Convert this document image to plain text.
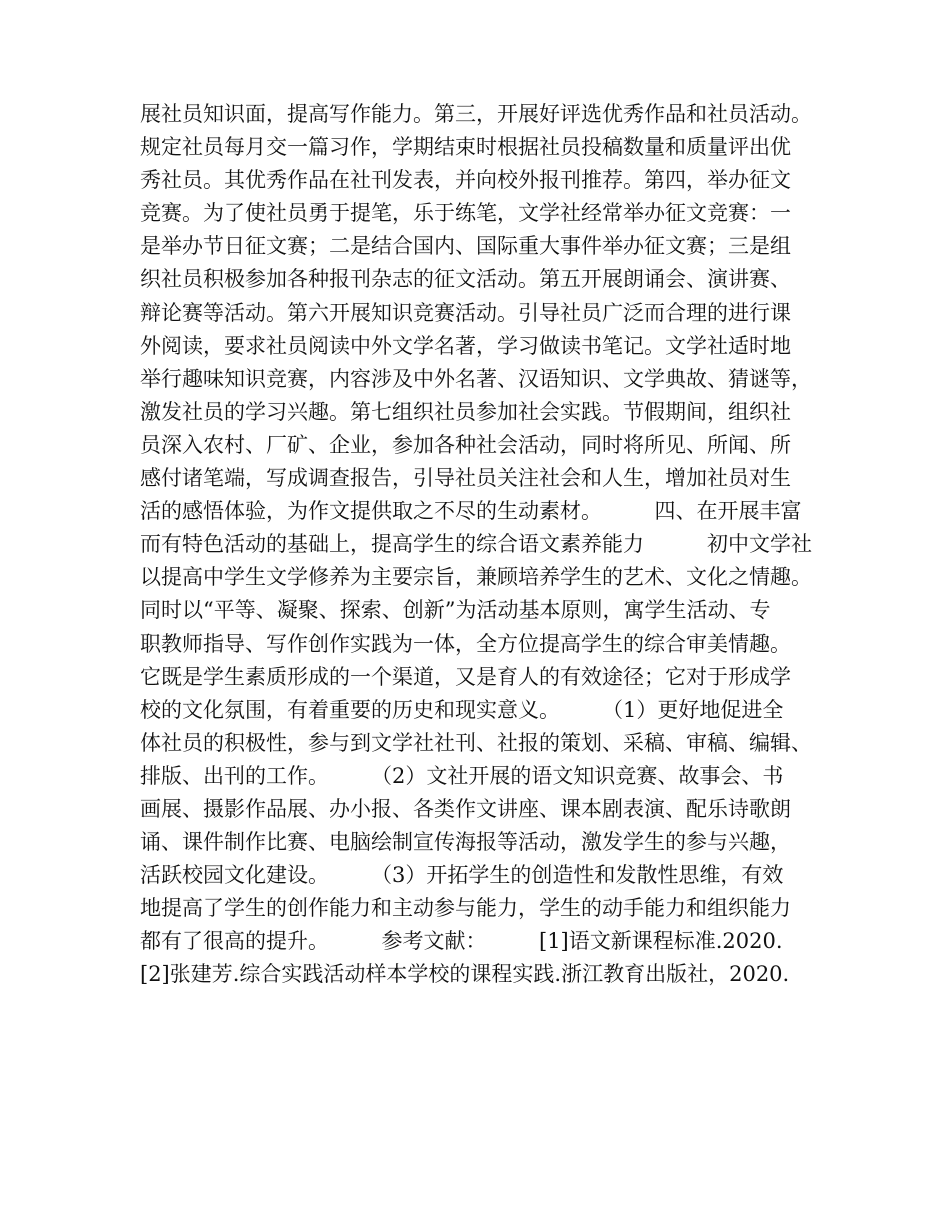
展社员知识面，提高写作能力。第三，开展好评选优秀作品和社员活动。
规定社员每月交一篇习作，学期结束时根据社员投稿数量和质量评出优
秀社员。其优秀作品在社刊发表，并向校外报刊推荐。第四，举办征文
竞赛。为了使社员勇于提笔，乐于练笔，文学社经常举办征文竞赛：一
是举办节日征文赛；二是结合国内、国际重大事件举办征文赛；三是组
织社员积极参加各种报刊杂志的征文活动。第五开展朗诵会、演讲赛、
辩论赛等活动。第六开展知识竞赛活动。引导社员广泛而合理的进行课
外阅读，要求社员阅读中外文学名著，学习做读书笔记。文学社适时地
举行趣味知识竞赛，内容涉及中外名著、汉语知识、文学典故、猜谜等，
激发社员的学习兴趣。第七组织社员参加社会实践。节假期间，组织社
员深入农村、厂矿、企业，参加各种社会活动，同时将所见、所闻、所
感付诸笔端，写成调查报告，引导社员关注社会和人生，增加社员对生
活的感悟体验，为作文提供取之不尽的生动素材。　　　四、在开展丰富
而有特色活动的基础上，提高学生的综合语文素养能力　　　初中文学社
以提高中学生文学修养为主要宗旨，兼顾培养学生的艺术、文化之情趣。
同时以“平等、凝聚、探索、创新”为活动基本原则，寓学生活动、专
职教师指导、写作创作实践为一体，全方位提高学生的综合审美情趣。
它既是学生素质形成的一个渠道，又是育人的有效途径；它对于形成学
校的文化氛围，有着重要的历史和现实意义。　　　（1）更好地促进全
体社员的积极性，参与到文学社社刊、社报的策划、采稿、审稿、编辑、
排版、出刊的工作。　　　（2）文社开展的语文知识竞赛、故事会、书
画展、摄影作品展、办小报、各类作文讲座、课本剧表演、配乐诗歌朗
诵、课件制作比赛、电脑绘制宣传海报等活动，激发学生的参与兴趣，
活跃校园文化建设。　　　（3）开拓学生的创造性和发散性思维，有效
地提高了学生的创作能力和主动参与能力，学生的动手能力和组织能力
都有了很高的提升。　　　参考文献：　　　[1]语文新课程标准.2020.
[2]张建芳.综合实践活动样本学校的课程实践.浙江教育出版社，2020.
